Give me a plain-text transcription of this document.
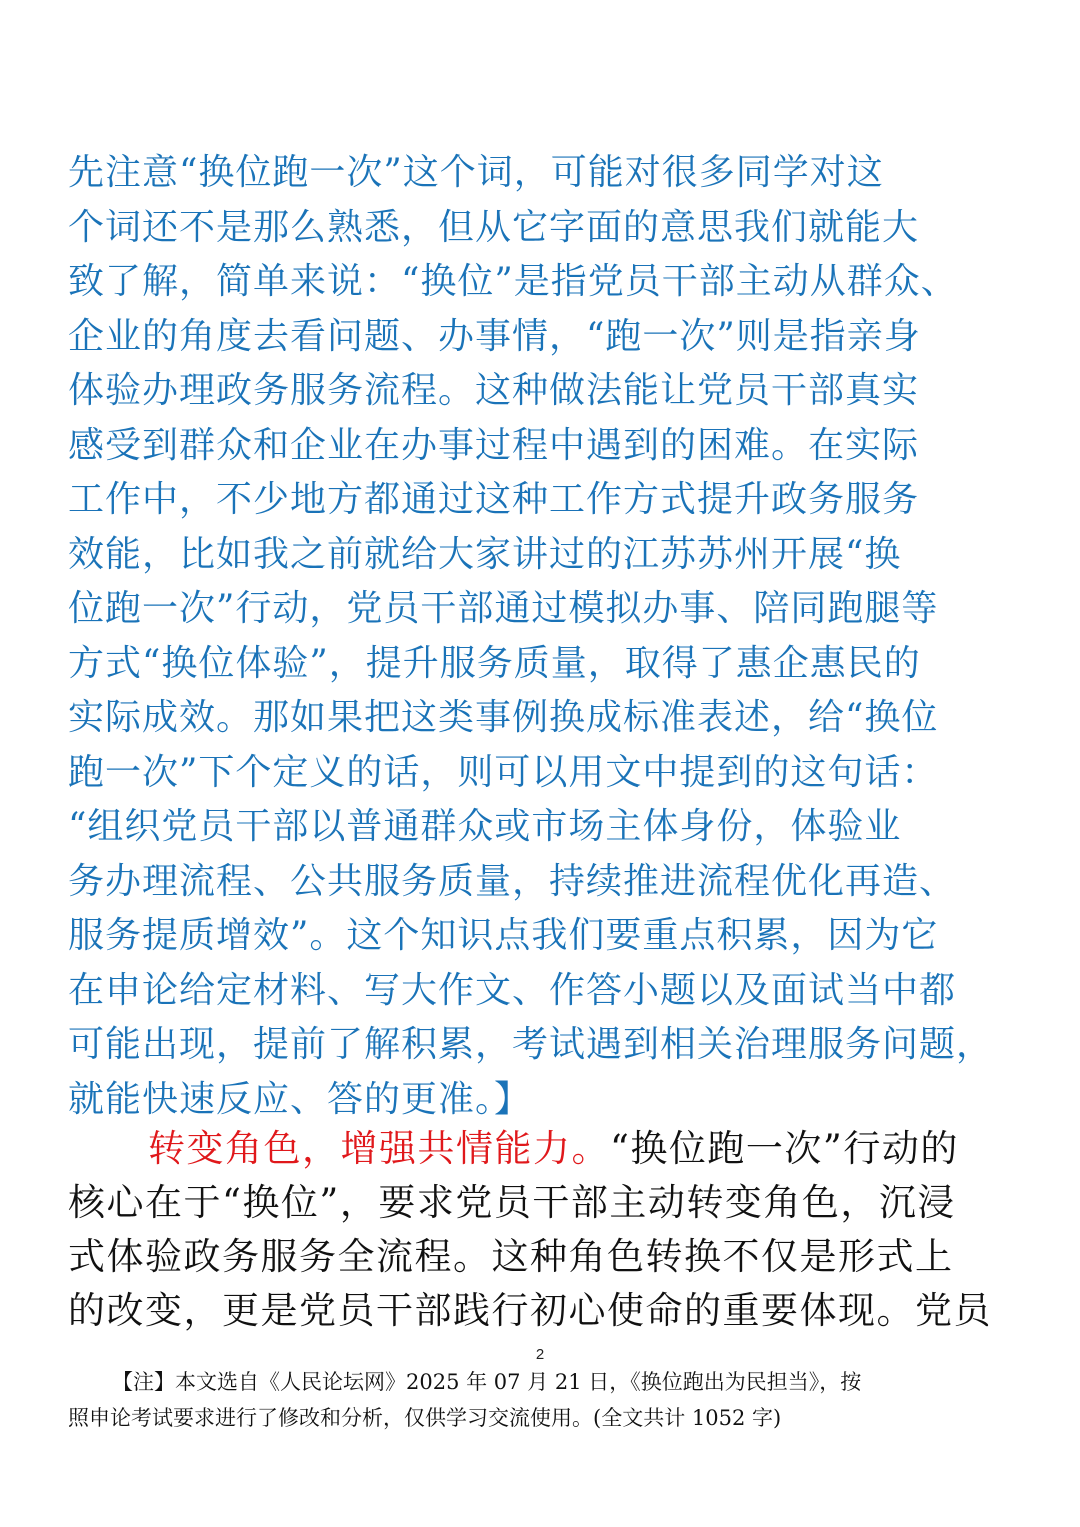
先注意“换位跑一次”这个词，可能对很多同学对这
个词还不是那么熟悉，但从它字面的意思我们就能大
致了解，简单来说：“换位”是指党员干部主动从群众、
企业的角度去看问题、办事情，“跑一次”则是指亲身
体验办理政务服务流程。这种做法能让党员干部真实
感受到群众和企业在办事过程中遇到的困难。在实际
工作中，不少地方都通过这种工作方式提升政务服务
效能，比如我之前就给大家讲过的江苏苏州开展“换
位跑一次”行动，党员干部通过模拟办事、陪同跑腿等
方式“换位体验”，提升服务质量，取得了惠企惠民的
实际成效。那如果把这类事例换成标准表述，给“换位
跑一次”下个定义的话，则可以用文中提到的这句话：
“组织党员干部以普通群众或市场主体身份，体验业
务办理流程、公共服务质量，持续推进流程优化再造、
服务提质增效”。这个知识点我们要重点积累，因为它
在申论给定材料、写大作文、作答小题以及面试当中都
可能出现，提前了解积累，考试遇到相关治理服务问题，
就能快速反应、答的更准。】
转变角色，增强共情能力。“换位跑一次”行动的
核心在于“换位”，要求党员干部主动转变角色，沉浸
式体验政务服务全流程。这种角色转换不仅是形式上
的改变，更是党员干部践行初心使命的重要体现。党员
2
【注】本文选自《人民论坛网》2025 年 07 月 21 日，《换位跑出为民担当》，按
照申论考试要求进行了修改和分析，仅供学习交流使用。(全文共计 1052 字)
